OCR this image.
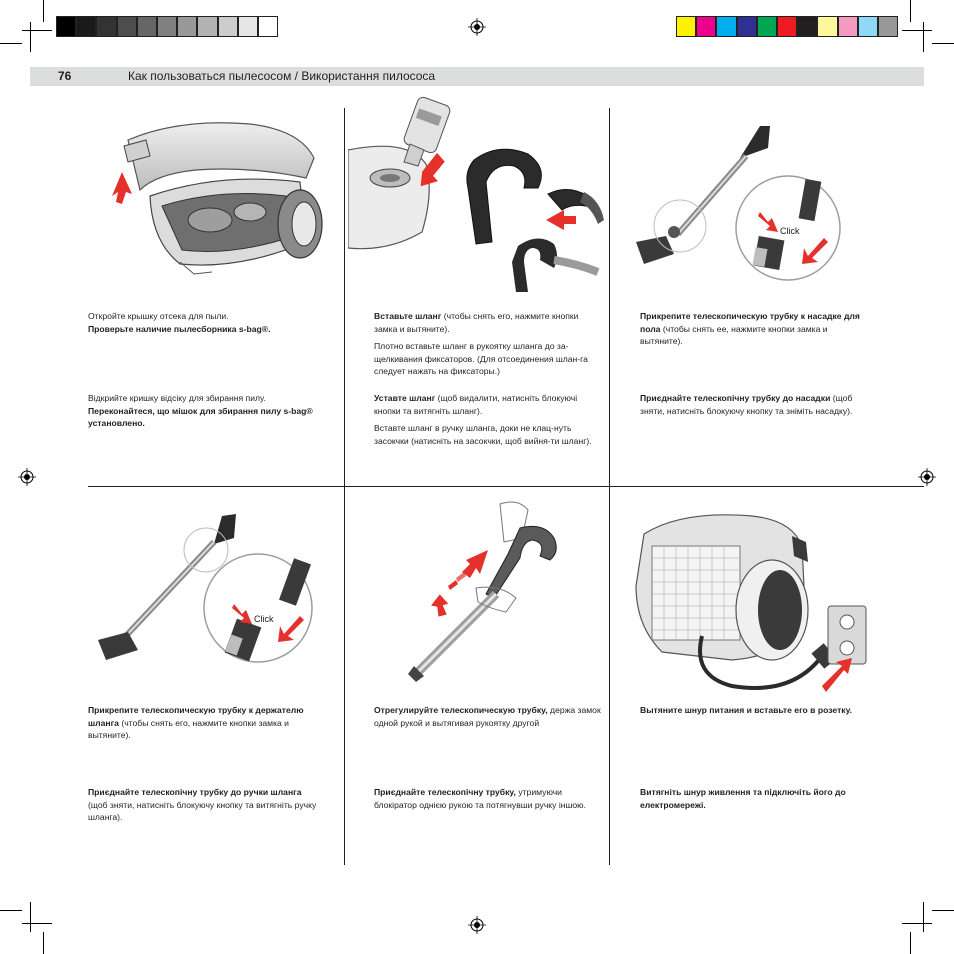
76	Как пользоваться пылесосом / Використання пилососа
Click
Click

Откройте крышку отсека для пыли.
Проверьте наличие пылесборника s-bag®.

Відкрийте кришку відсіку для збирання пилу.
Переконайтеся, що мішок для збирання пилу s-bag® установлено.

Вставьте шланг (чтобы снять его, нажмите кнопки замка и вытяните).

Плотно вставьте шланг в рукоятку шланга до за-щелкивания фиксаторов. (Для отсоединения шлан-га следует нажать на фиксаторы.)

Уставте шланг (щоб видалити, натисніть блокуючі кнопки та витягніть шланг).

Вставте шланг в ручку шланга, доки не клац-нуть засокчки (натисніть на засокчки, щоб вийня-ти шланг).

Прикрепите телескопическую трубку к насадке для пола (чтобы снять ее, нажмите кнопки замка и вытяните).

Приєднайте телескопічну трубку до насадки (щоб зняти, натисніть блокуючу кнопку та зніміть насадку).

Прикрепите телескопическую трубку к держателю шланга (чтобы снять его, нажмите кнопки замка и вытяните).

Приєднайте телескопічну трубку до ручки шланга (щоб зняти, натисніть блокуючу кнопку та витягніть ручку шланга).

Отрегулируйте телескопическую трубку, держа замок одной рукой и вытягивая рукоятку другой

Приєднайте телескопічну трубку, утримуючи блокіратор однією рукою та потягнувши ручку іншою.

Вытяните шнур питания и вставьте его в розетку.

Витягніть шнур живлення та підключіть його до електромережі.
